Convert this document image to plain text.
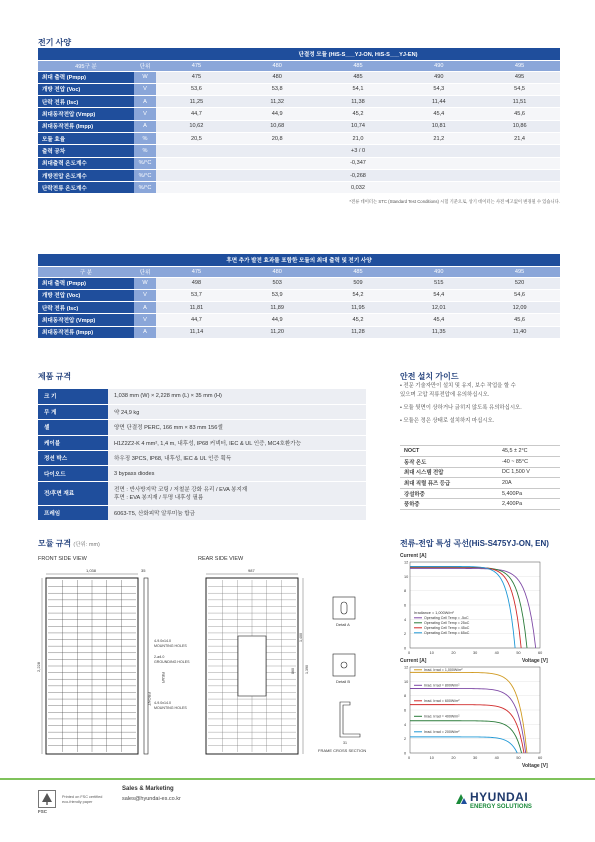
전기 사양
		단결정 모듈 (HiS-S___YJ-ON, HiS-S___YJ-EN)				
495구 분	단위	475	480	485	490	495
최대 출력 (Pmpp)	W	475	480	485	490	495
개방 전압 (Voc)	V	53,6	53,8	54,1	54,3	54,5
단락 전류 (Isc)	A	11,25	11,32	11,38	11,44	11,51
최대동작전압 (Vmpp)	V	44,7	44,9	45,2	45,4	45,6
최대동작전류 (Impp)	A	10,62	10,68	10,74	10,81	10,86
모듈 효율	%	20,5	20,8	21,0	21,2	21,4
출력 공차	%	+3 / 0				
최대출력 온도계수	%/°C	-0,347				
개방전압 온도계수	%/°C	-0,268				
단락전류 온도계수	%/°C	0,032				
*전류 데이터는 STC (Standard Test Conditions) 시험 기준으로, 상기 데이터는 사전 예고없이 변경될 수 있습니다.
후면 추가 발전 효과를 포함한 모듈의 최대 출력 및 전기 사양						
구 분	단위	475	480	485	490	495
최대 출력 (Pmpp)	W	498	503	509	515	520
개방 전압 (Voc)	V	53,7	53,9	54,2	54,4	54,6
단락 전류 (Isc)	A	11,81	11,89	11,95	12,01	12,09
최대동작전압 (Vmpp)	V	44,7	44,9	45,2	45,4	45,6
최대동작전류 (Impp)	A	11,14	11,20	11,28	11,35	11,40
제품 규격
크 기	1,038 mm (W) × 2,228 mm (L) × 35 mm (H)

무 게	약 24,9 kg

셀	양면 단결정 PERC, 166 mm × 83 mm 156셀

케이블	H1Z2Z2-K 4 mm², 1,4 m, 내후성, IP68 커넥터, IEC & UL 인증, MC4호환가능

정션 박스	하우징 3PCS, IP68, 내후성, IEC & UL 인증 획득

다이오드	3 bypass diodes

전/후면 재료	전면 : 반사방지막 코팅 / 저철분 강화 유리 / EVA 봉지재
후면 : EVA 봉지재 / 투명 내후성 필름

프레임	6063-T5, 산화피막 알루미늄 합금
안전 설치 가이드
• 전문 기술자만이 설치 및 유지, 보수 작업을 할 수
있으며 고압 직류전압에 유의하십시오.
• 모듈 뒷면이 상하거나 긁히지 않도록 유의하십시오.
• 모듈은 정은 상태로 설치하지 마십시오.
NOCT	45,5 ± 2°C
동작 온도	-40 ~ 85°C
최대 시스템 전압	DC 1,500 V
최대 직렬 퓨즈 등급	20A
강설하중	5,400Pa
풍하중	2,400Pa
모듈 규격 (단위: mm)
FRONT SIDE VIEW	REAR SIDE VIEW
1,038
2,228
35
REAR
FRONT
987
4-9.0x14.0
MOUNTING HOLES
2-ø4.0
GROUNDING HOLES
4-9.0x14.0
MOUNTING HOLES
860	1,390
1,400
Detail A
Detail B
31
FRAME CROSS SECTION
전류-전압 특성 곡선(HiS-S475YJ-ON, EN)
Current [A]
Voltage [V]
0
2
4
6
8
10
12
0	10	20	30	40	50	60
Irradiance = 1,000W/m²
Operating Cell Temp = -5oC
Operating Cell Temp = 25oC
Operating Cell Temp = 45oC
Operating Cell Temp = 65oC
Current [A]
Voltage [V]
0
2
4
6
8
10
12
0	10	20	30	40	50	60
Irrad. Irrad = 1,000W/m²
Irrad. Irrad = 800W/m²
Irrad. Irrad = 600W/m²
Irrad. Irrad = 400W/m²
Irrad. Irrad = 200W/m²
FSC
Printed on FSC certified
eco-friendly paper
Sales & Marketing
sales@hyundai-es.co.kr	HYUNDAI
ENERGY SOLUTIONS
